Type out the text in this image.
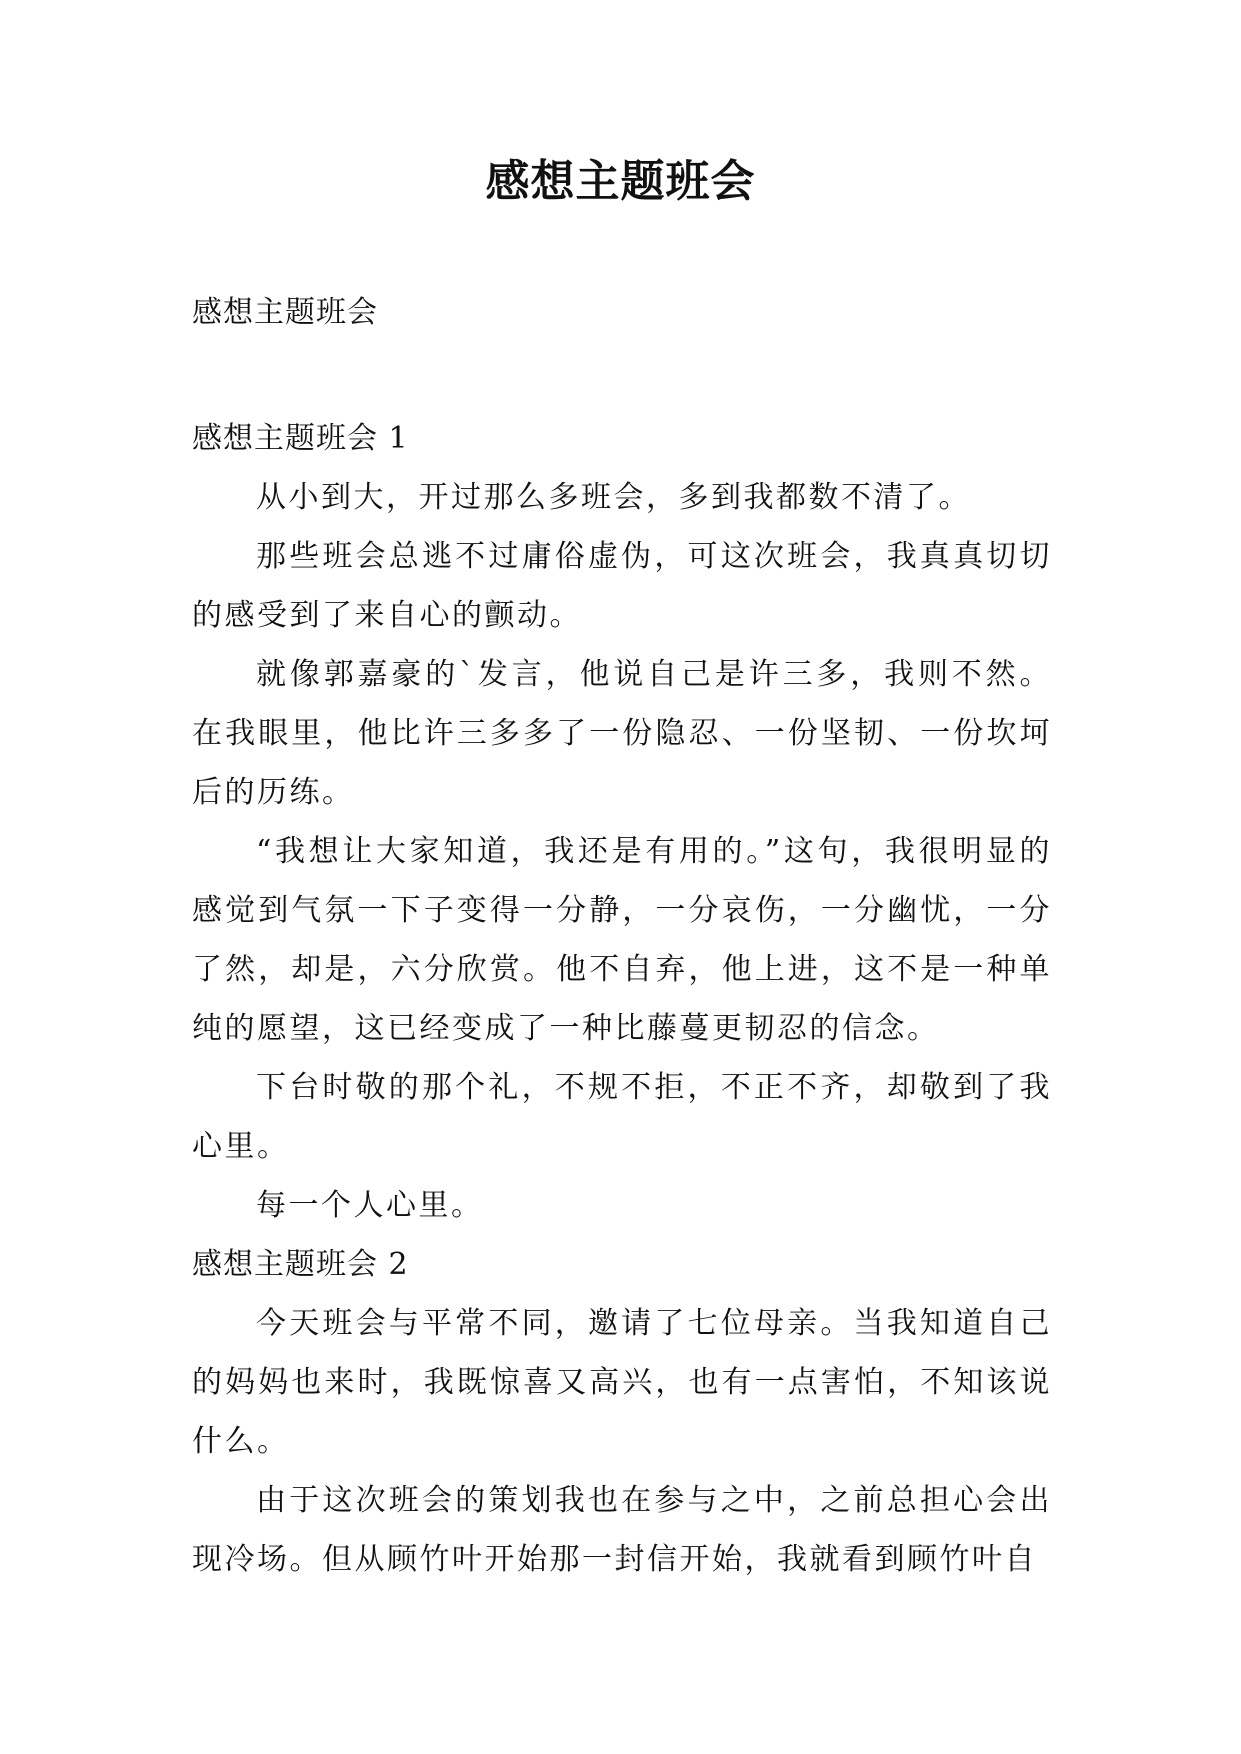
感想主题班会
感想主题班会

感想主题班会 1

从小到大，开过那么多班会，多到我都数不清了。

那些班会总逃不过庸俗虚伪，可这次班会，我真真切切的感受到了来自心的颤动。

就像郭嘉豪的`发言，他说自己是许三多，我则不然。在我眼里，他比许三多多了一份隐忍、一份坚韧、一份坎坷后的历练。

“我想让大家知道，我还是有用的。”这句，我很明显的感觉到气氛一下子变得一分静，一分哀伤，一分幽忧，一分了然，却是，六分欣赏。他不自弃，他上进，这不是一种单纯的愿望，这已经变成了一种比藤蔓更韧忍的信念。

下台时敬的那个礼，不规不拒，不正不齐，却敬到了我心里。

每一个人心里。

感想主题班会 2

今天班会与平常不同，邀请了七位母亲。当我知道自己的妈妈也来时，我既惊喜又高兴，也有一点害怕，不知该说什么。

由于这次班会的策划我也在参与之中，之前总担心会出现冷场。但从顾竹叶开始那一封信开始，我就看到顾竹叶自
